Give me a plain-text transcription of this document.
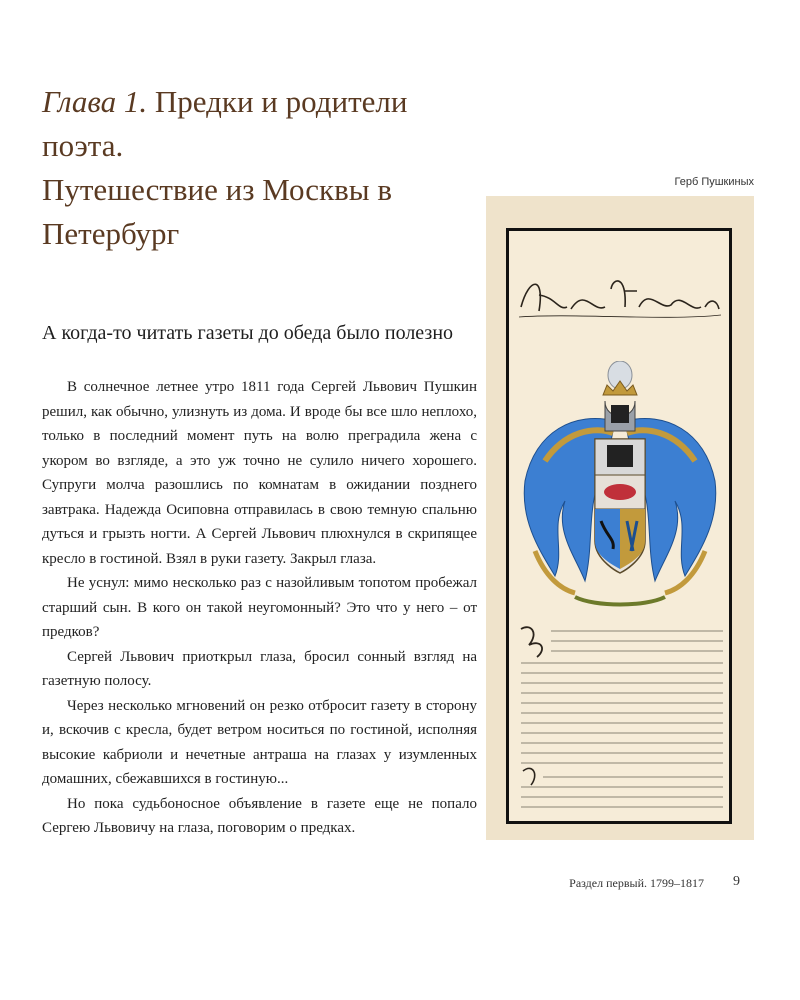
Глава 1. Предки и родители поэта.
Путешествие из Москвы в Петербург
Герб Пушкиных
А когда-то читать газеты до обеда было полезно

В солнечное летнее утро 1811 года Сергей Львович Пушкин решил, как обычно, улизнуть из дома. И вроде бы все шло неплохо, только в последний момент путь на волю преградила жена с укором во взгляде, а это уж точно не сулило ничего хорошего. Супруги молча разошлись по комнатам в ожидании позднего завтрака. Надежда Осиповна отправилась в свою темную спальню дуться и грызть ногти. А Сергей Львович плюхнулся в скрипящее кресло в гостиной. Взял в руки газету. Закрыл глаза.

Не уснул: мимо несколько раз с назойливым топотом пробежал старший сын. В кого он такой неугомонный? Это что у него – от предков?

Сергей Львович приоткрыл глаза, бросил сонный взгляд на газетную полосу.

Через несколько мгновений он резко отбросит газету в сторону и, вскочив с кресла, будет ветром носиться по гостиной, исполняя высокие кабриоли и нечетные антраша на глазах у изумленных домашних, сбежавшихся в гостиную...

Но пока судьбоносное объявление в газете еще не попало Сергею Львовичу на глаза, поговорим о предках.

Раздел первый. 1799–1817 9
